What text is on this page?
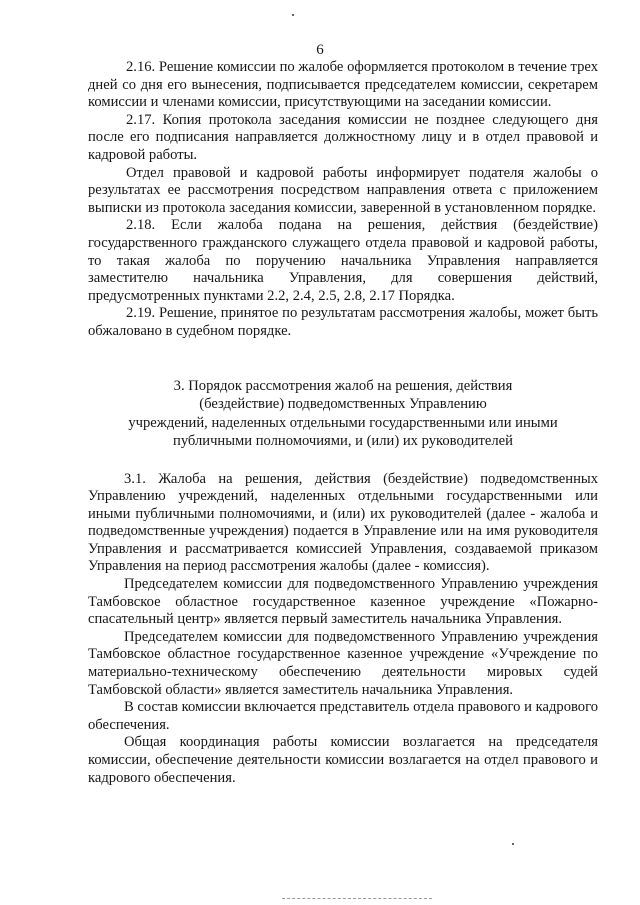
6

2.16. Решение комиссии по жалобе оформляется протоколом в течение трех дней со дня его вынесения, подписывается председателем комиссии, секретарем комиссии и членами комиссии, присутствующими на заседании комиссии.

2.17. Копия протокола заседания комиссии не позднее следующего дня после его подписания направляется должностному лицу и в отдел правовой и кадровой работы.

Отдел правовой и кадровой работы информирует подателя жалобы о результатах ее рассмотрения посредством направления ответа с приложением выписки из протокола заседания комиссии, заверенной в установленном порядке.

2.18. Если жалоба подана на решения, действия (бездействие) государственного гражданского служащего отдела правовой и кадровой работы, то такая жалоба по поручению начальника Управления направляется заместителю начальника Управления, для совершения действий, предусмотренных пунктами 2.2, 2.4, 2.5, 2.8, 2.17 Порядка.

2.19. Решение, принятое по результатам рассмотрения жалобы, может быть обжаловано в судебном порядке.

3. Порядок рассмотрения жалоб на решения, действия
(бездействие) подведомственных Управлению
учреждений, наделенных отдельными государственными или иными
публичными полномочиями, и (или) их руководителей

3.1. Жалоба на решения, действия (бездействие) подведомственных Управлению учреждений, наделенных отдельными государственными или иными публичными полномочиями, и (или) их руководителей (далее - жалоба и подведомственные учреждения) подается в Управление или на имя руководителя Управления и рассматривается комиссией Управления, создаваемой приказом Управления на период рассмотрения жалобы (далее - комиссия).

Председателем комиссии для подведомственного Управлению учреждения Тамбовское областное государственное казенное учреждение «Пожарно-спасательный центр» является первый заместитель начальника Управления.

Председателем комиссии для подведомственного Управлению учреждения Тамбовское областное государственное казенное учреждение «Учреждение по материально-техническому обеспечению деятельности мировых судей Тамбовской области» является заместитель начальника Управления.

В состав комиссии включается представитель отдела правового и кадрового обеспечения.

Общая координация работы комиссии возлагается на председателя комиссии, обеспечение деятельности комиссии возлагается на отдел правового и кадрового обеспечения.
